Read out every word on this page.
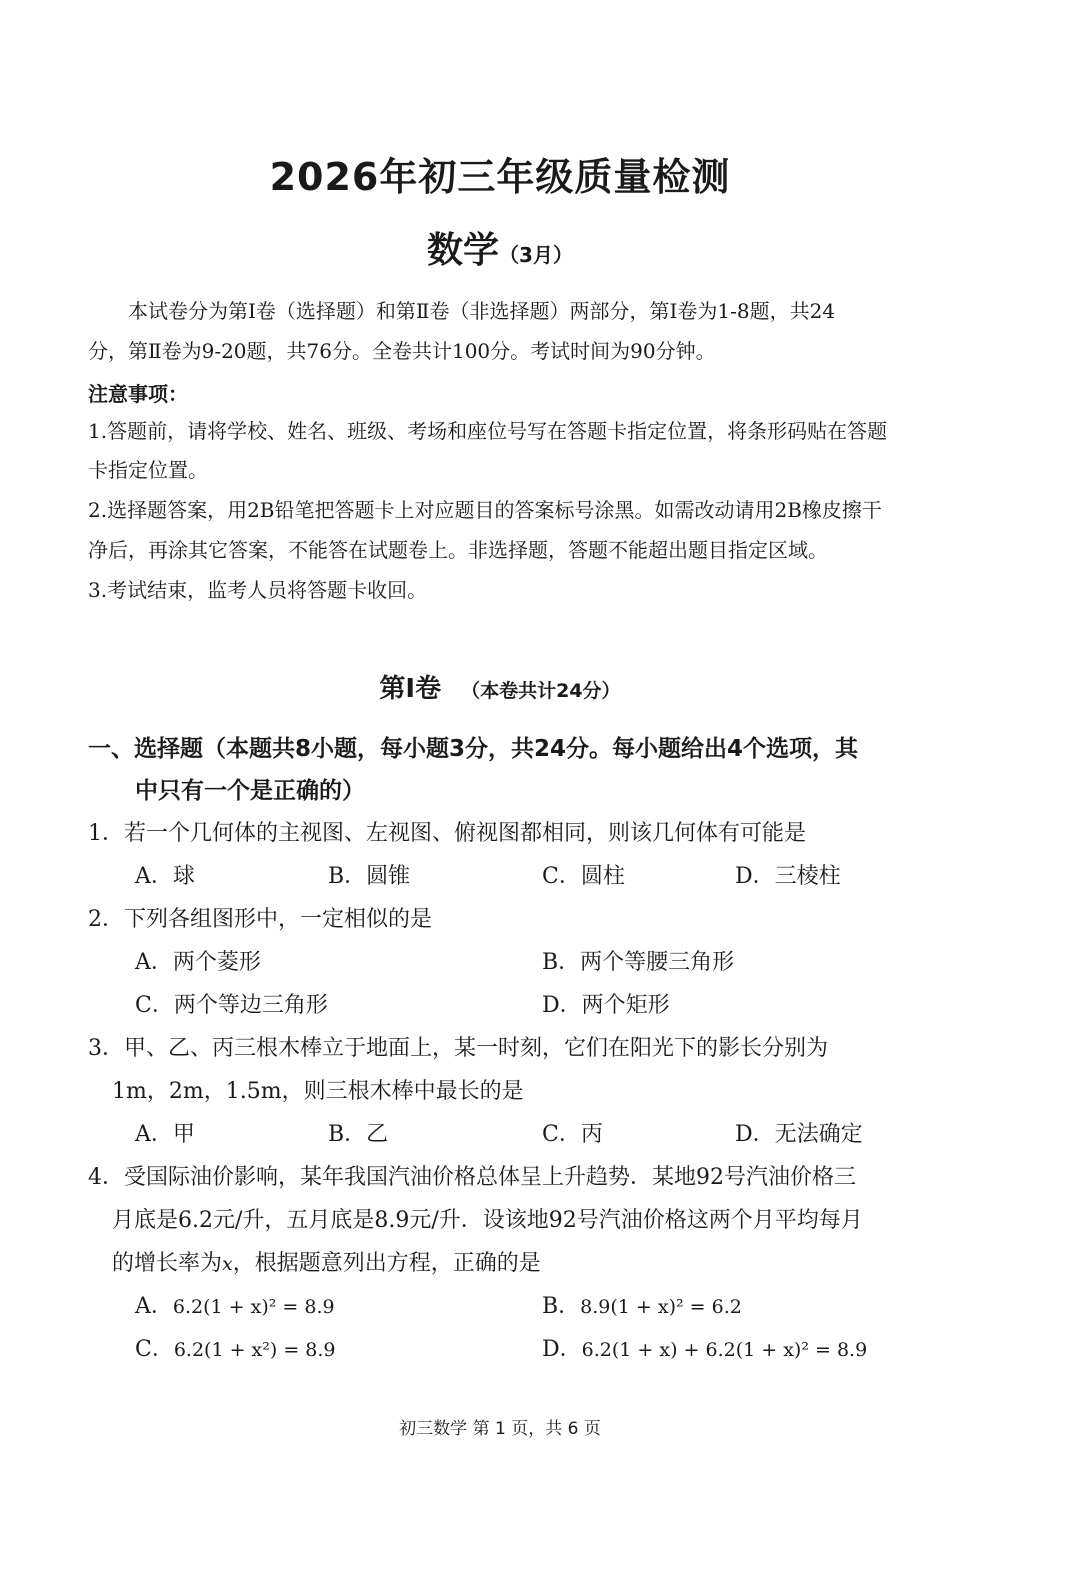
2026年初三年级质量检测
数学（3月）
本试卷分为第Ⅰ卷（选择题）和第Ⅱ卷（非选择题）两部分，第Ⅰ卷为1-8题，共24
分，第Ⅱ卷为9-20题，共76分。全卷共计100分。考试时间为90分钟。
注意事项：
1.答题前，请将学校、姓名、班级、考场和座位号写在答题卡指定位置，将条形码贴在答题
卡指定位置。
2.选择题答案，用2B铅笔把答题卡上对应题目的答案标号涂黑。如需改动请用2B橡皮擦干
净后，再涂其它答案，不能答在试题卷上。非选择题，答题不能超出题目指定区域。
3.考试结束，监考人员将答题卡收回。
第Ⅰ卷 （本卷共计24分）
一、选择题（本题共8小题，每小题3分，共24分。每小题给出4个选项，其
中只有一个是正确的）
1．若一个几何体的主视图、左视图、俯视图都相同，则该几何体有可能是
A．球	B．圆锥	C．圆柱	D．三棱柱
2．下列各组图形中，一定相似的是
A．两个菱形	B．两个等腰三角形
C．两个等边三角形	D．两个矩形
3．甲、乙、丙三根木棒立于地面上，某一时刻，它们在阳光下的影长分别为
1m，2m，1.5m，则三根木棒中最长的是
A．甲	B．乙	C．丙	D．无法确定
4．受国际油价影响，某年我国汽油价格总体呈上升趋势．某地92号汽油价格三
月底是6.2元/升，五月底是8.9元/升．设该地92号汽油价格这两个月平均每月
的增长率为x，根据题意列出方程，正确的是
A．6.2(1 + x)² = 8.9	B．8.9(1 + x)² = 6.2
C．6.2(1 + x²) = 8.9	D．6.2(1 + x) + 6.2(1 + x)² = 8.9
初三数学 第 1 页，共 6 页
